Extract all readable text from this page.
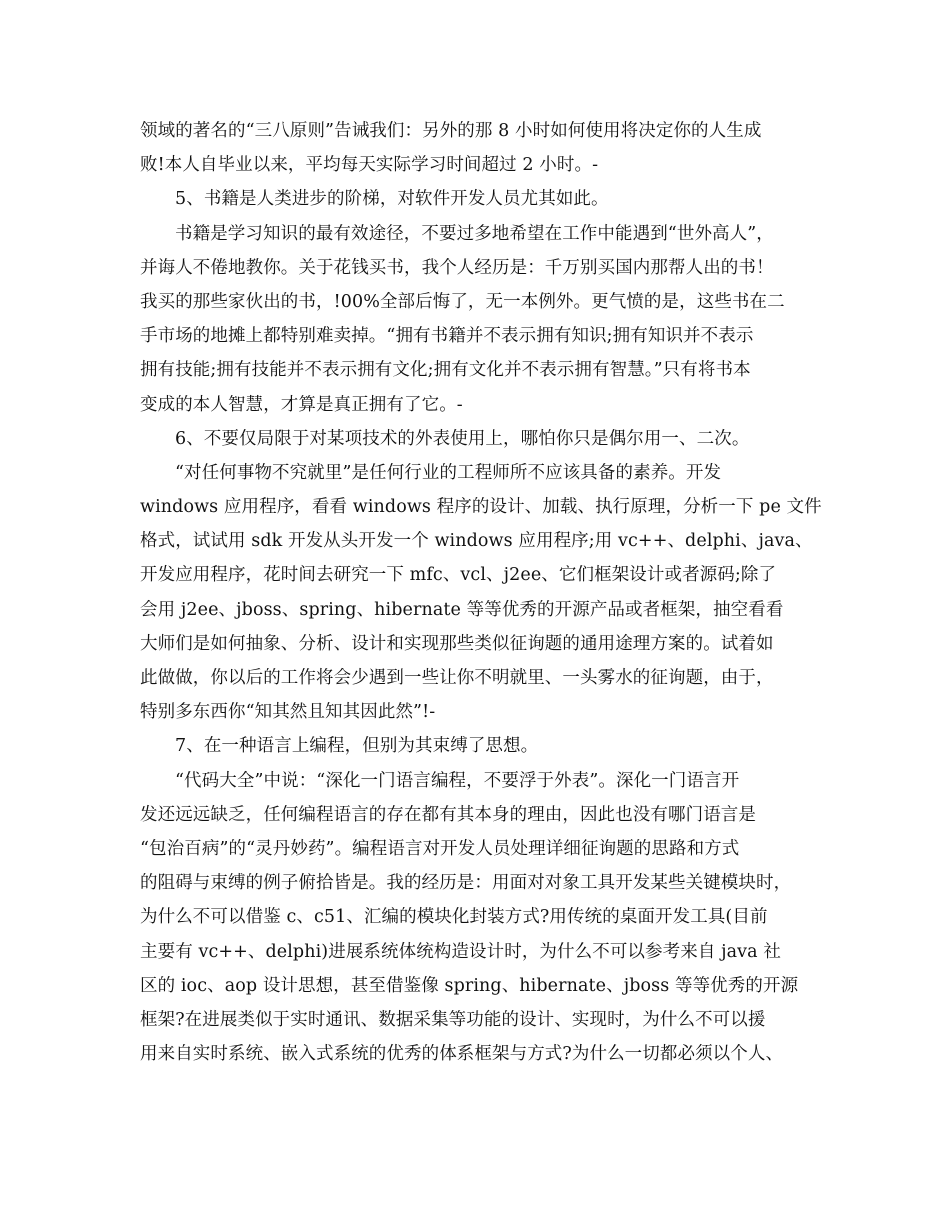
领域的著名的“三八原则”告诫我们：另外的那 8 小时如何使用将决定你的人生成
败!本人自毕业以来，平均每天实际学习时间超过 2 小时。-
5、书籍是人类进步的阶梯，对软件开发人员尤其如此。
书籍是学习知识的最有效途径，不要过多地希望在工作中能遇到“世外高人”，
并诲人不倦地教你。关于花钱买书，我个人经历是：千万别买国内那帮人出的书！
我买的那些家伙出的书，!00%全部后悔了，无一本例外。更气愤的是，这些书在二
手市场的地摊上都特别难卖掉。“拥有书籍并不表示拥有知识;拥有知识并不表示
拥有技能;拥有技能并不表示拥有文化;拥有文化并不表示拥有智慧。”只有将书本
变成的本人智慧，才算是真正拥有了它。-
6、不要仅局限于对某项技术的外表使用上，哪怕你只是偶尔用一、二次。
“对任何事物不究就里”是任何行业的工程师所不应该具备的素养。开发
windows 应用程序，看看 windows 程序的设计、加载、执行原理，分析一下 pe 文件
格式，试试用 sdk 开发从头开发一个 windows 应用程序;用 vc++、delphi、java、
开发应用程序，花时间去研究一下 mfc、vcl、j2ee、它们框架设计或者源码;除了
会用 j2ee、jboss、spring、hibernate 等等优秀的开源产品或者框架，抽空看看
大师们是如何抽象、分析、设计和实现那些类似征询题的通用途理方案的。试着如
此做做，你以后的工作将会少遇到一些让你不明就里、一头雾水的征询题，由于，
特别多东西你“知其然且知其因此然”!-
7、在一种语言上编程，但别为其束缚了思想。
“代码大全”中说：“深化一门语言编程，不要浮于外表”。深化一门语言开
发还远远缺乏，任何编程语言的存在都有其本身的理由，因此也没有哪门语言是
“包治百病”的“灵丹妙药”。编程语言对开发人员处理详细征询题的思路和方式
的阻碍与束缚的例子俯拾皆是。我的经历是：用面对对象工具开发某些关键模块时，
为什么不可以借鉴 c、c51、汇编的模块化封装方式?用传统的桌面开发工具(目前
主要有 vc++、delphi)进展系统体统构造设计时，为什么不可以参考来自 java 社
区的 ioc、aop 设计思想，甚至借鉴像 spring、hibernate、jboss 等等优秀的开源
框架?在进展类似于实时通讯、数据采集等功能的设计、实现时，为什么不可以援
用来自实时系统、嵌入式系统的优秀的体系框架与方式?为什么一切都必须以个人、
